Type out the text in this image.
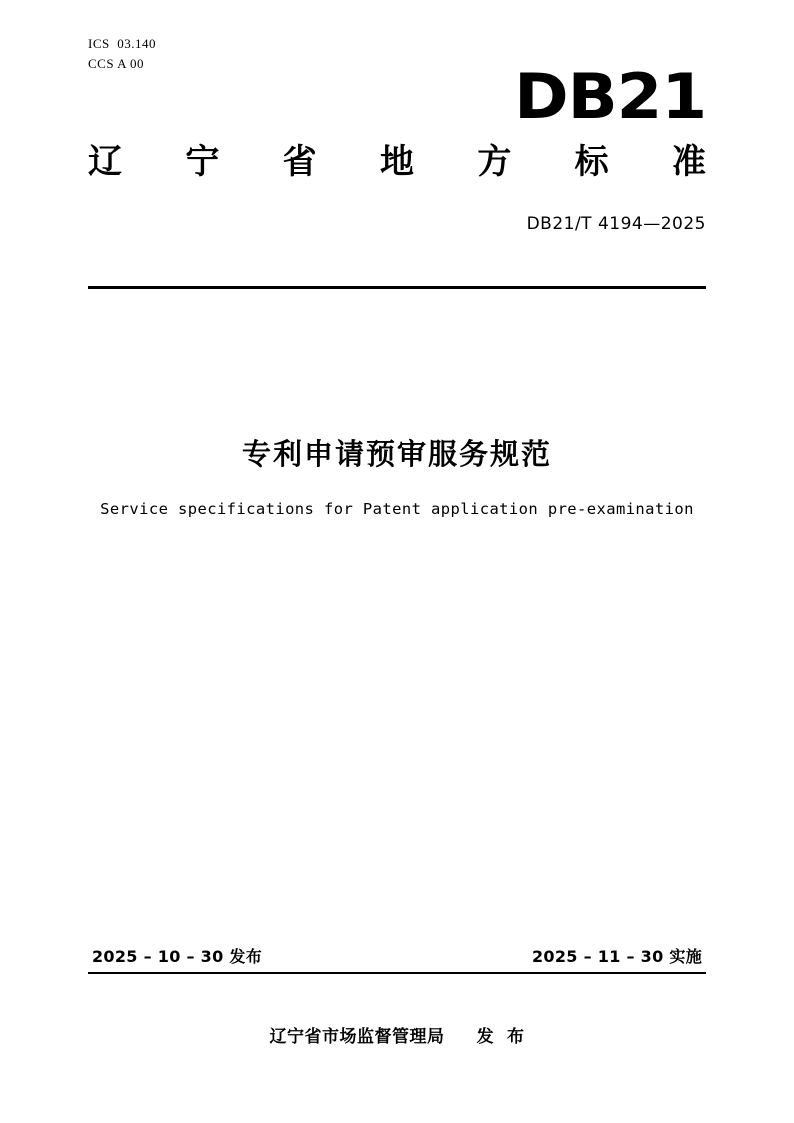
ICS  03.140
CCS A 00	DB21
辽 宁 省 地 方 标 准
DB21/T 4194—2025
专利申请预审服务规范
Service specifications for Patent application pre-examination
2025 – 10 – 30 发布	2025 – 11 – 30 实施
辽宁省市场监督管理局     发  布
